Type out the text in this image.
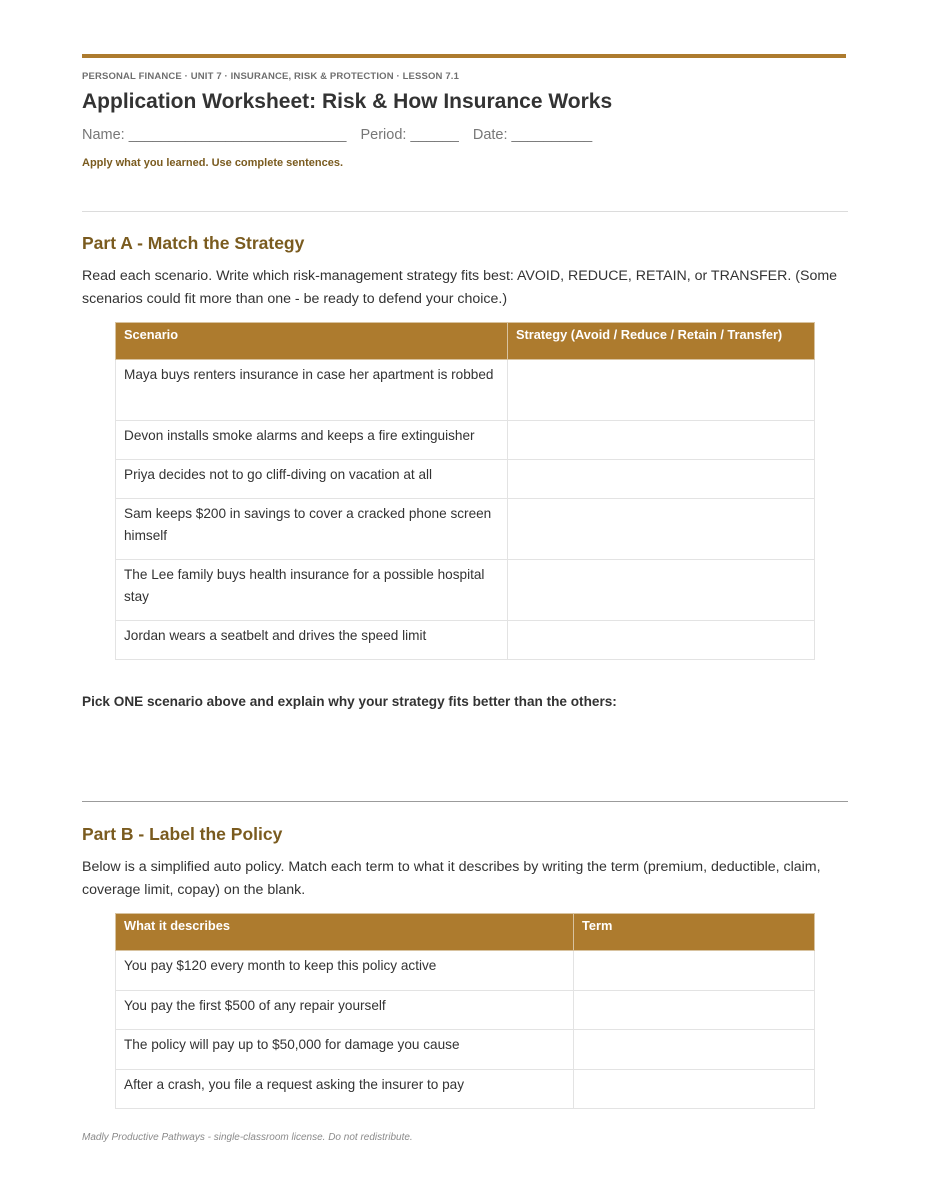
PERSONAL FINANCE · UNIT 7 · INSURANCE, RISK & PROTECTION · LESSON 7.1
Application Worksheet: Risk & How Insurance Works
Name: ___________________________ Period: ______ Date: __________
Apply what you learned. Use complete sentences.
Part A - Match the Strategy
Read each scenario. Write which risk-management strategy fits best: AVOID, REDUCE, RETAIN, or TRANSFER. (Some scenarios could fit more than one - be ready to defend your choice.)
Scenario	Strategy (Avoid / Reduce / Retain / Transfer)
Maya buys renters insurance in case her apartment is robbed	
Devon installs smoke alarms and keeps a fire extinguisher	
Priya decides not to go cliff-diving on vacation at all	
Sam keeps $200 in savings to cover a cracked phone screen himself	
The Lee family buys health insurance for a possible hospital stay	
Jordan wears a seatbelt and drives the speed limit	
Pick ONE scenario above and explain why your strategy fits better than the others:
Part B - Label the Policy
Below is a simplified auto policy. Match each term to what it describes by writing the term (premium, deductible, claim, coverage limit, copay) on the blank.
What it describes	Term
You pay $120 every month to keep this policy active	
You pay the first $500 of any repair yourself	
The policy will pay up to $50,000 for damage you cause	
After a crash, you file a request asking the insurer to pay	
Madly Productive Pathways - single-classroom license. Do not redistribute.
